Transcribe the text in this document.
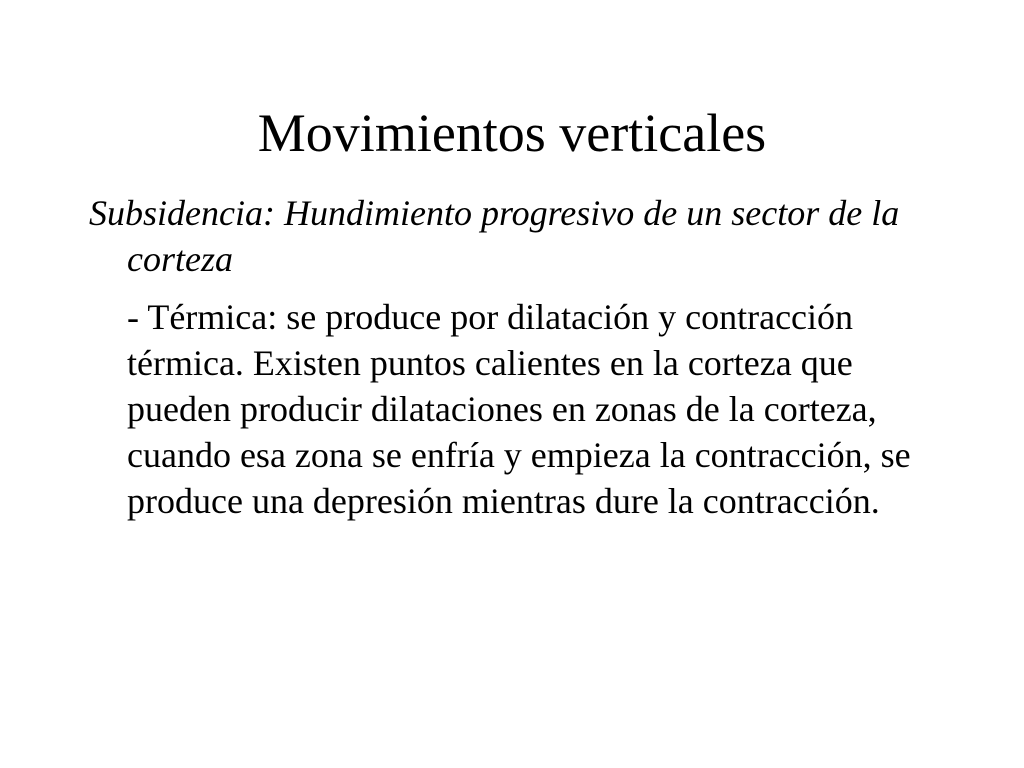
Movimientos verticales

Subsidencia: Hundimiento progresivo de un sector de la corteza

- Térmica: se produce por dilatación y contracción térmica. Existen puntos calientes en la corteza que pueden producir dilataciones en zonas de la corteza, cuando esa zona se enfría y empieza la contracción, se produce una depresión mientras dure la contracción.
